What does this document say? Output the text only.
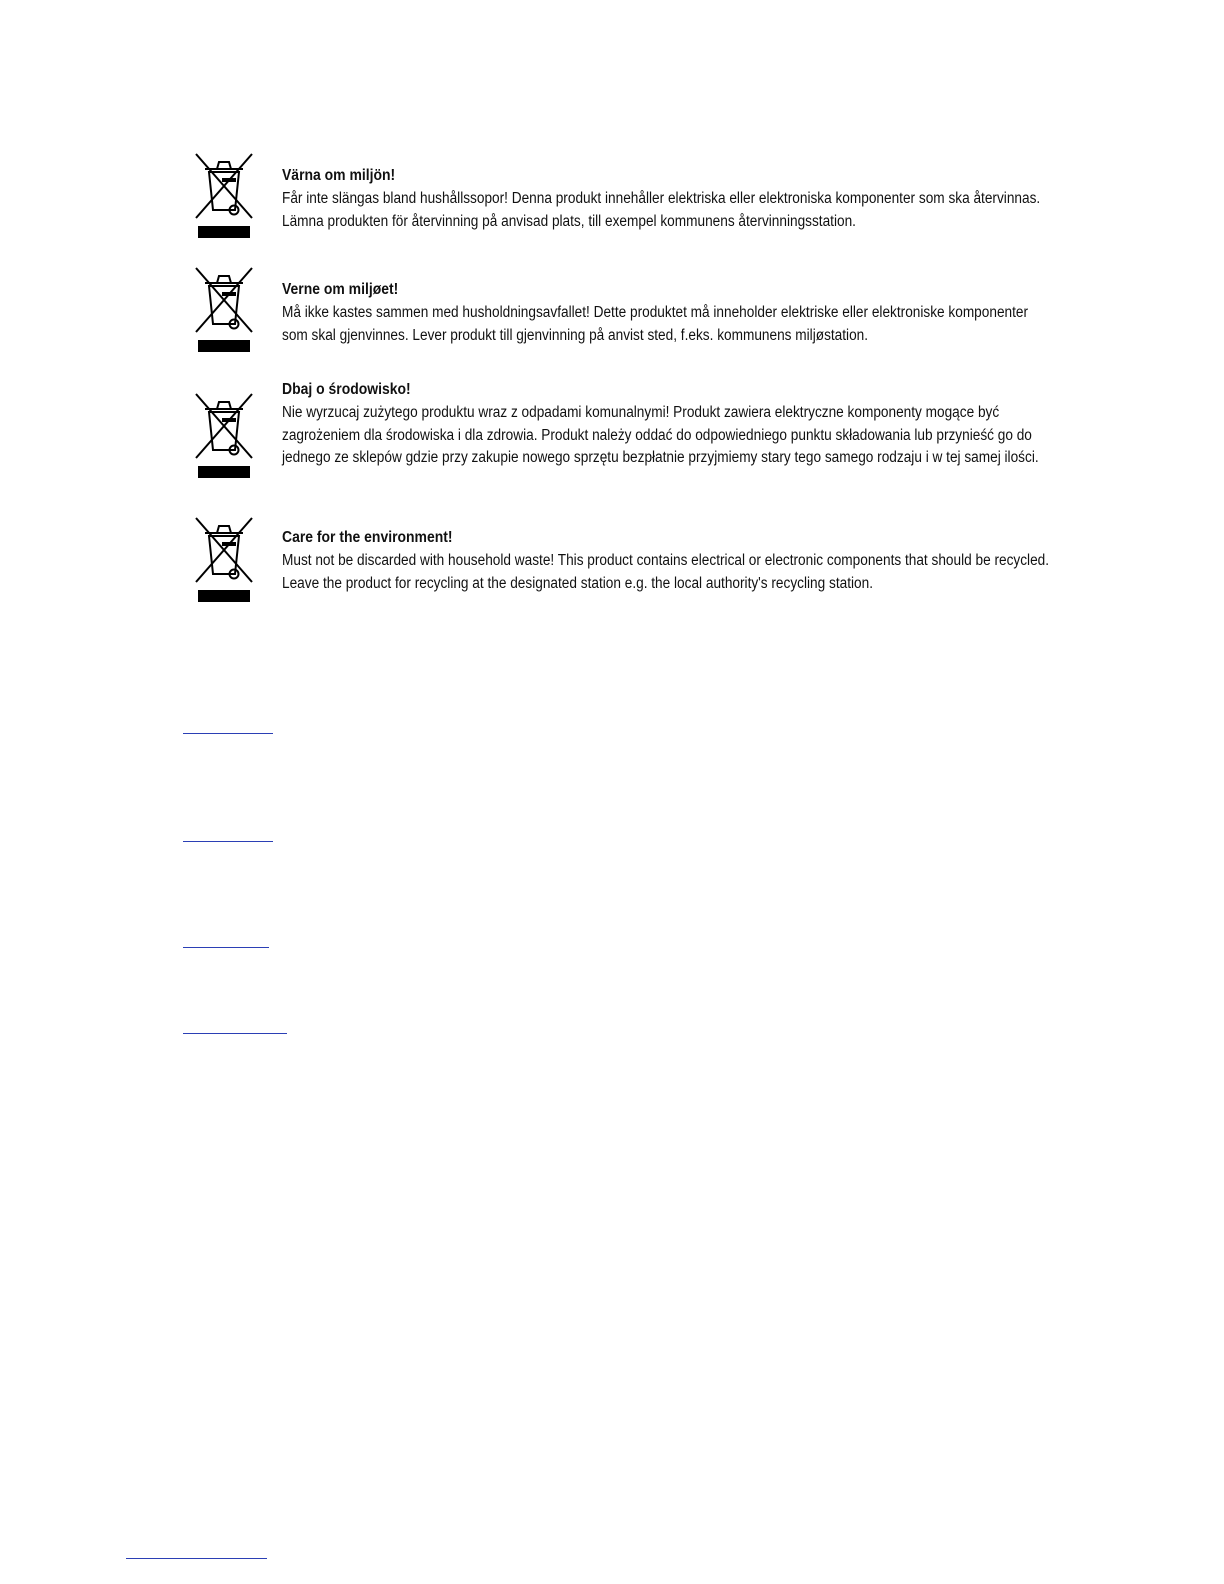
Värna om miljön!

Får inte slängas bland hushållssopor! Denna produkt innehåller elektriska eller elektroniska komponenter som ska återvinnas. Lämna produkten för återvinning på anvisad plats, till exempel kommunens återvinningsstation.

Verne om miljøet!

Må ikke kastes sammen med husholdningsavfallet! Dette produktet må inneholder elektriske eller elektroniske komponenter som skal gjenvinnes. Lever produkt till gjenvinning på anvist sted, f.eks. kommunens miljøstation.

Dbaj o środowisko!

Nie wyrzucaj zużytego produktu wraz z odpadami komunalnymi! Produkt zawiera elektryczne komponenty mogące być zagrożeniem dla środowiska i dla zdrowia. Produkt należy oddać do odpowiedniego punktu składowania lub przynieść go do jednego ze sklepów gdzie przy zakupie nowego sprzętu bezpłatnie przyjmiemy stary tego samego rodzaju i w tej samej ilości.

Care for the environment!

Must not be discarded with household waste! This product contains electrical or electronic components that should be recycled. Leave the product for recycling at the designated station e.g. the local authority's recycling station.
